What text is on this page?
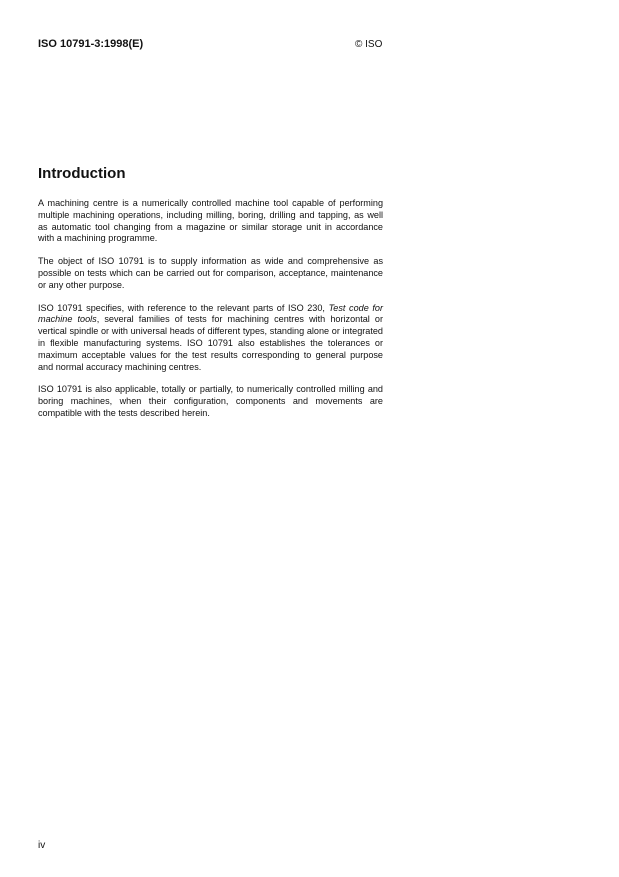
ISO 10791-3:1998(E)	© ISO
Introduction

A machining centre is a numerically controlled machine tool capable of performing multiple machining operations, including milling, boring, drilling and tapping, as well as automatic tool changing from a magazine or similar storage unit in accordance with a machining programme.

The object of ISO 10791 is to supply information as wide and comprehensive as possible on tests which can be carried out for comparison, acceptance, maintenance or any other purpose.

ISO 10791 specifies, with reference to the relevant parts of ISO 230, Test code for machine tools, several families of tests for machining centres with horizontal or vertical spindle or with universal heads of different types, standing alone or integrated in flexible manufacturing systems. ISO 10791 also establishes the tolerances or maximum acceptable values for the test results corresponding to general purpose and normal accuracy machining centres.

ISO 10791 is also applicable, totally or partially, to numerically controlled milling and boring machines, when their configuration, components and movements are compatible with the tests described herein.

iv
